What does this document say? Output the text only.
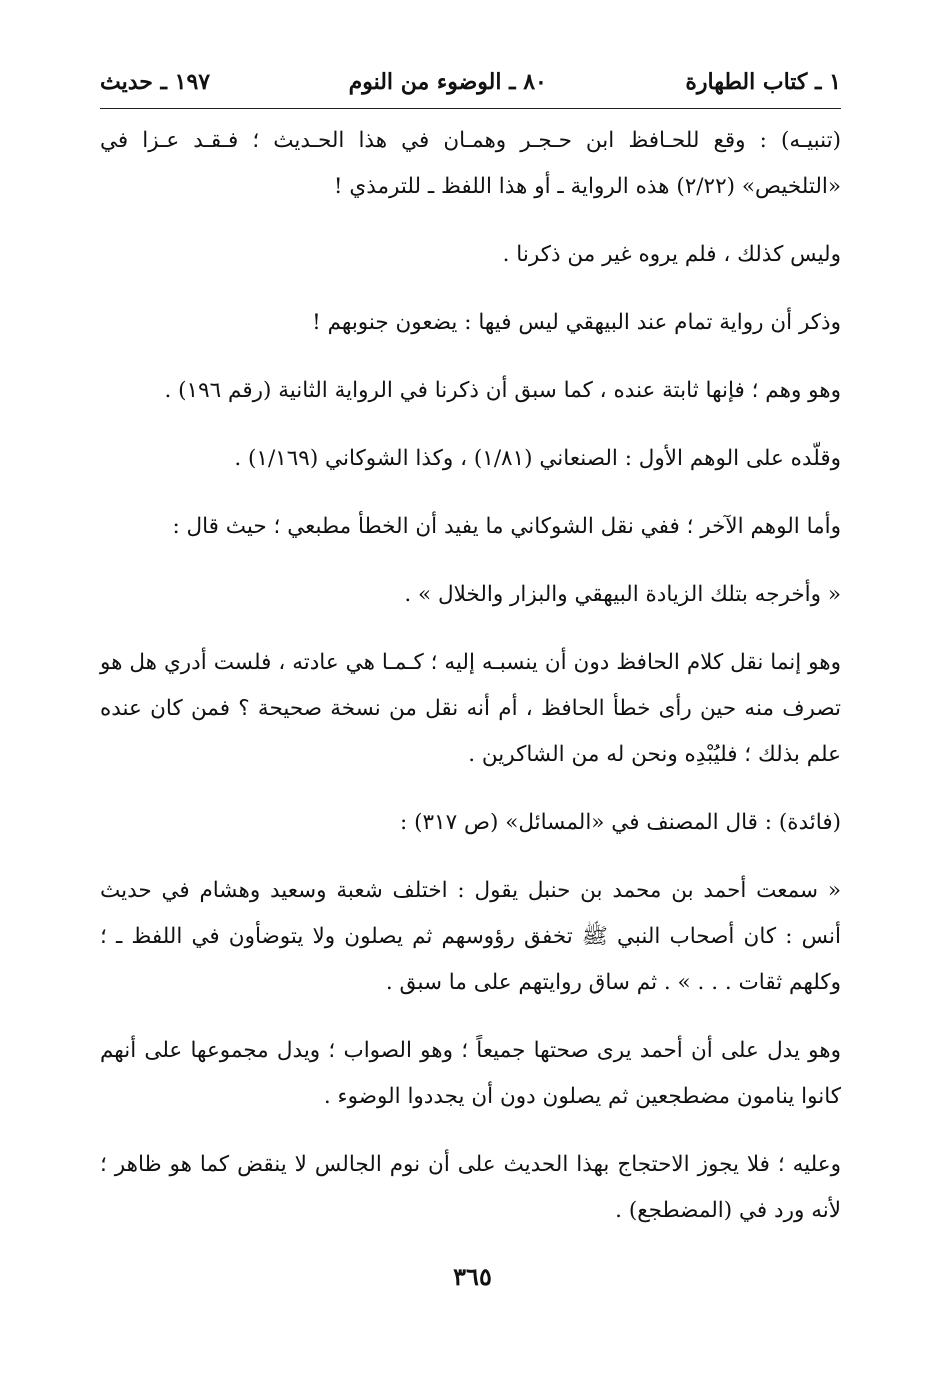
١ ـ كتاب الطهارة
٨٠ ـ الوضوء من النوم
١٩٧ ـ حديث

(تنبيـه) : وقع للحـافظ ابن حـجـر وهمـان في هذا الحـديث ؛ فـقـد عـزا في «التلخيص» (٢/٢٢) هذه الرواية ـ أو هذا اللفظ ـ للترمذي !

وليس كذلك ، فلم يروه غير من ذكرنا .

وذكر أن رواية تمام عند البيهقي ليس فيها : يضعون جنوبهم !

وهو وهم ؛ فإنها ثابتة عنده ، كما سبق أن ذكرنا في الرواية الثانية (رقم ١٩٦) .

وقلّده على الوهم الأول : الصنعاني (١/٨١) ، وكذا الشوكاني (١/١٦٩) .

وأما الوهم الآخر ؛ ففي نقل الشوكاني ما يفيد أن الخطأ مطبعي ؛ حيث قال :

« وأخرجه بتلك الزيادة البيهقي والبزار والخلال » .

وهو إنما نقل كلام الحافظ دون أن ينسبـه إليه ؛ كـمـا هي عادته ، فلست أدري هل هو تصرف منه حين رأى خطأ الحافظ ، أم أنه نقل من نسخة صحيحة ؟ فمن كان عنده علم بذلك ؛ فليُبْدِه ونحن له من الشاكرين .

(فائدة) : قال المصنف في «المسائل» (ص ٣١٧) :

« سمعت أحمد بن محمد بن حنبل يقول : اختلف شعبة وسعيد وهشام في حديث أنس : كان أصحاب النبي ﷺ تخفق رؤوسهم ثم يصلون ولا يتوضأون في اللفظ ـ ؛ وكلهم ثقات . . . » . ثم ساق روايتهم على ما سبق .

وهو يدل على أن أحمد يرى صحتها جميعاً ؛ وهو الصواب ؛ ويدل مجموعها على أنهم كانوا ينامون مضطجعين ثم يصلون دون أن يجددوا الوضوء .

وعليه ؛ فلا يجوز الاحتجاج بهذا الحديث على أن نوم الجالس لا ينقض كما هو ظاهر ؛ لأنه ورد في (المضطجع) .

٣٦٥
